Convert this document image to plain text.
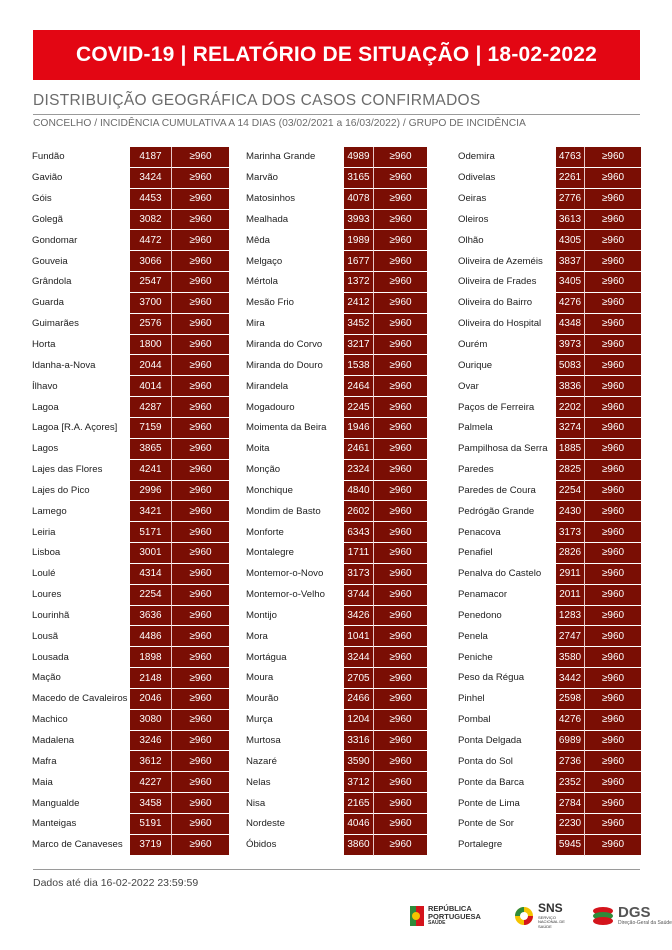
COVID-19 | RELATÓRIO DE SITUAÇÃO | 18-02-2022
DISTRIBUIÇÃO GEOGRÁFICA DOS CASOS CONFIRMADOS
CONCELHO / INCIDÊNCIA CUMULATIVA A 14 DIAS (03/02/2021 a 16/03/2022) / GRUPO DE INCIDÊNCIA
Fundão	4187	≥960
Gavião	3424	≥960
Góis	4453	≥960
Golegã	3082	≥960
Gondomar	4472	≥960
Gouveia	3066	≥960
Grândola	2547	≥960
Guarda	3700	≥960
Guimarães	2576	≥960
Horta	1800	≥960
Idanha-a-Nova	2044	≥960
Ílhavo	4014	≥960
Lagoa	4287	≥960
Lagoa [R.A. Açores]	7159	≥960
Lagos	3865	≥960
Lajes das Flores	4241	≥960
Lajes do Pico	2996	≥960
Lamego	3421	≥960
Leiria	5171	≥960
Lisboa	3001	≥960
Loulé	4314	≥960
Loures	2254	≥960
Lourinhã	3636	≥960
Lousã	4486	≥960
Lousada	1898	≥960
Mação	2148	≥960
Macedo de Cavaleiros	2046	≥960
Machico	3080	≥960
Madalena	3246	≥960
Mafra	3612	≥960
Maia	4227	≥960
Mangualde	3458	≥960
Manteigas	5191	≥960
Marco de Canaveses	3719	≥960
Marinha Grande	4989	≥960
Marvão	3165	≥960
Matosinhos	4078	≥960
Mealhada	3993	≥960
Mêda	1989	≥960
Melgaço	1677	≥960
Mértola	1372	≥960
Mesão Frio	2412	≥960
Mira	3452	≥960
Miranda do Corvo	3217	≥960
Miranda do Douro	1538	≥960
Mirandela	2464	≥960
Mogadouro	2245	≥960
Moimenta da Beira	1946	≥960
Moita	2461	≥960
Monção	2324	≥960
Monchique	4840	≥960
Mondim de Basto	2602	≥960
Monforte	6343	≥960
Montalegre	1711	≥960
Montemor-o-Novo	3173	≥960
Montemor-o-Velho	3744	≥960
Montijo	3426	≥960
Mora	1041	≥960
Mortágua	3244	≥960
Moura	2705	≥960
Mourão	2466	≥960
Murça	1204	≥960
Murtosa	3316	≥960
Nazaré	3590	≥960
Nelas	3712	≥960
Nisa	2165	≥960
Nordeste	4046	≥960
Óbidos	3860	≥960
Odemira	4763	≥960
Odivelas	2261	≥960
Oeiras	2776	≥960
Oleiros	3613	≥960
Olhão	4305	≥960
Oliveira de Azeméis	3837	≥960
Oliveira de Frades	3405	≥960
Oliveira do Bairro	4276	≥960
Oliveira do Hospital	4348	≥960
Ourém	3973	≥960
Ourique	5083	≥960
Ovar	3836	≥960
Paços de Ferreira	2202	≥960
Palmela	3274	≥960
Pampilhosa da Serra	1885	≥960
Paredes	2825	≥960
Paredes de Coura	2254	≥960
Pedrógão Grande	2430	≥960
Penacova	3173	≥960
Penafiel	2826	≥960
Penalva do Castelo	2911	≥960
Penamacor	2011	≥960
Penedono	1283	≥960
Penela	2747	≥960
Peniche	3580	≥960
Peso da Régua	3442	≥960
Pinhel	2598	≥960
Pombal	4276	≥960
Ponta Delgada	6989	≥960
Ponta do Sol	2736	≥960
Ponte da Barca	2352	≥960
Ponte de Lima	2784	≥960
Ponte de Sor	2230	≥960
Portalegre	5945	≥960
Dados até dia 16-02-2022 23:59:59
REPÚBLICA PORTUGUESA
SAÚDE
SNS
SERVIÇO NACIONAL DE SAÚDE
DGS
Direção-Geral da Saúde
